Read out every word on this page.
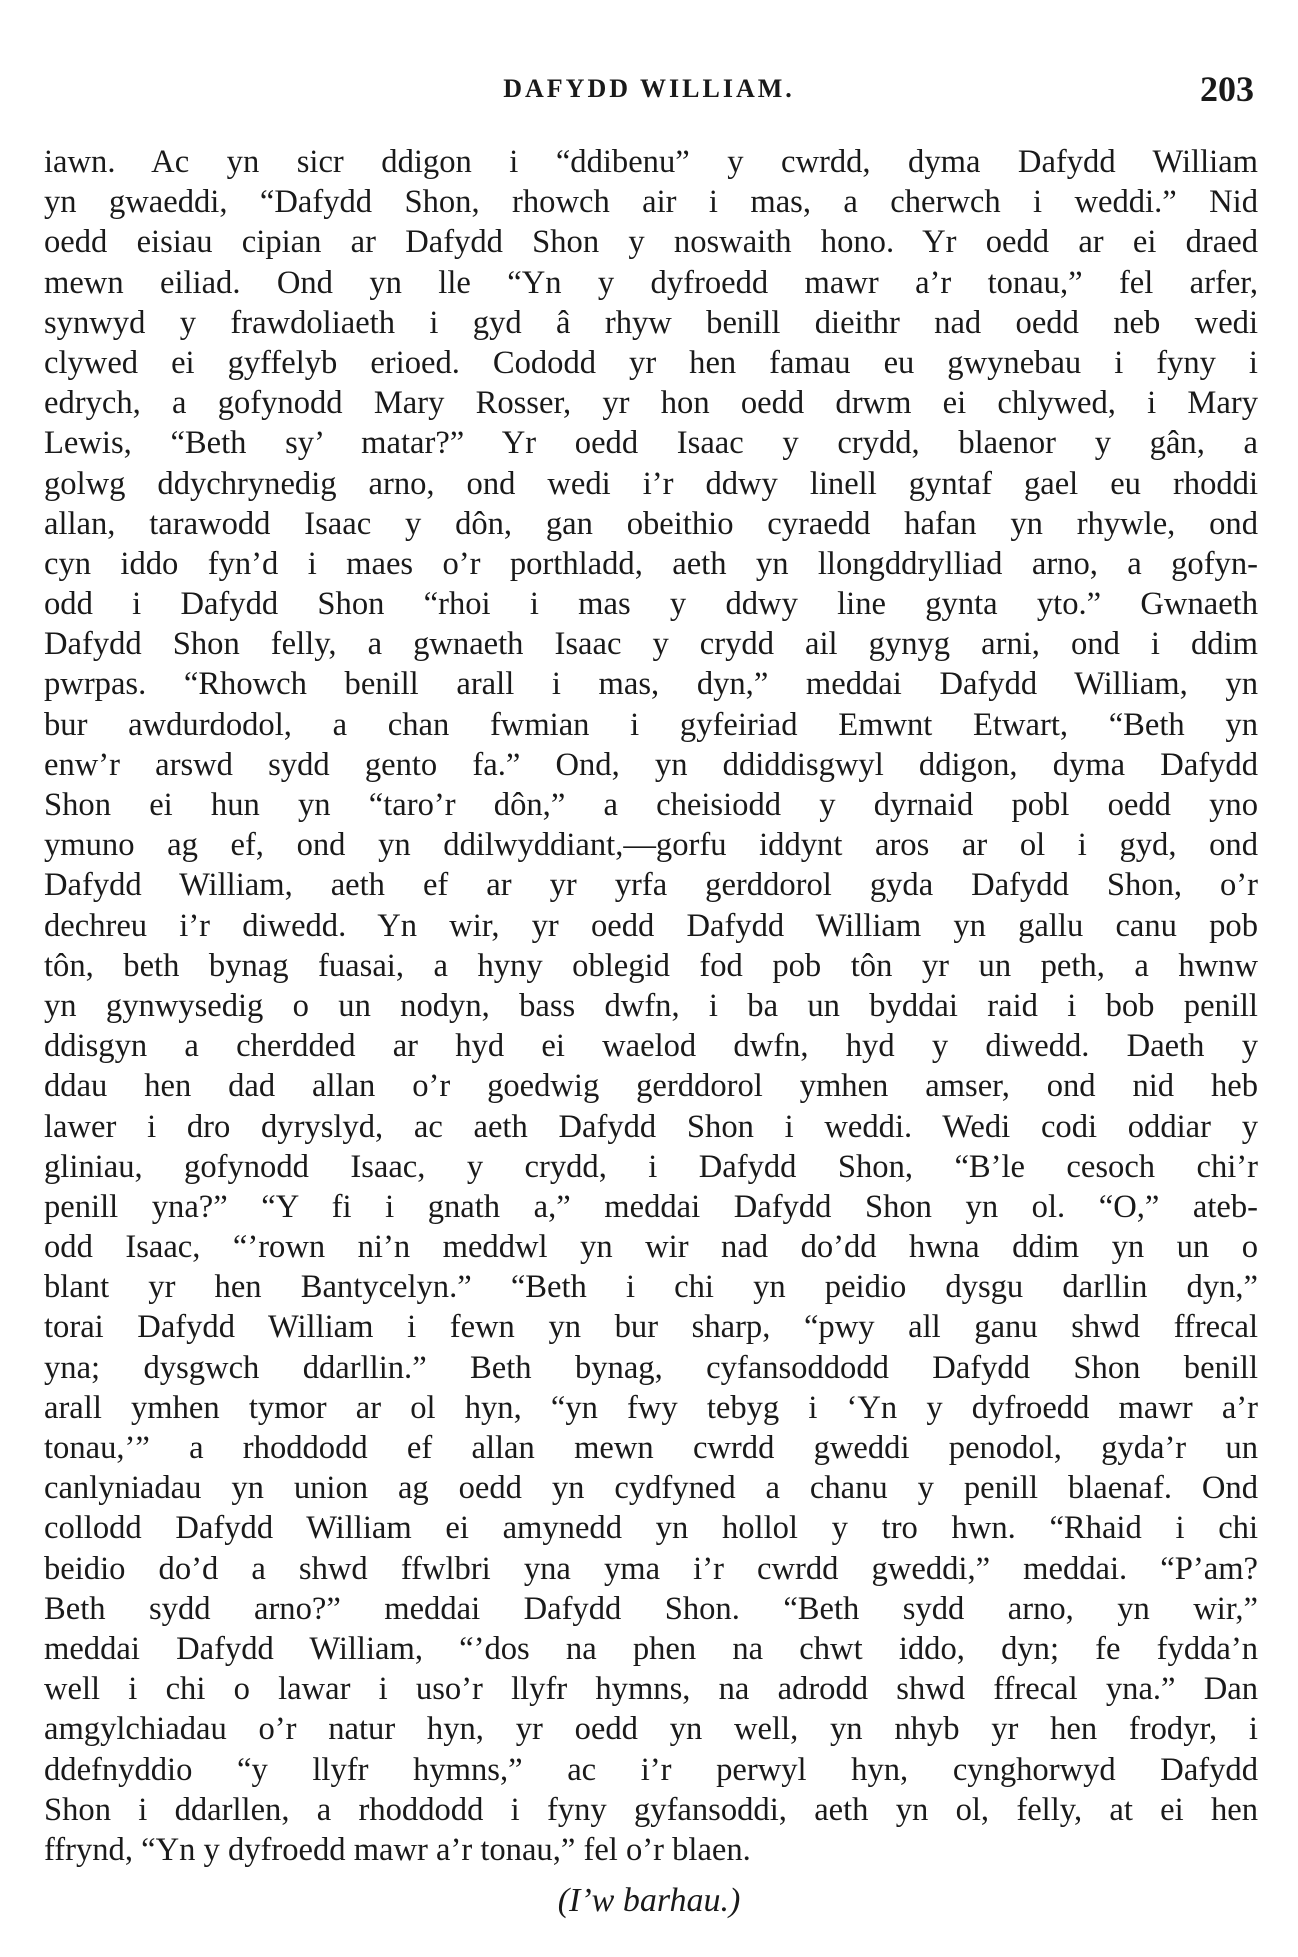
DAFYDD WILLIAM.	203
iawn. Ac yn sicr ddigon i “ddibenu” y cwrdd, dyma Dafydd William
yn gwaeddi, “Dafydd Shon, rhowch air i mas, a cherwch i weddi.” Nid
oedd eisiau cipian ar Dafydd Shon y noswaith hono. Yr oedd ar ei draed
mewn eiliad. Ond yn lle “Yn y dyfroedd mawr a’r tonau,” fel arfer,
synwyd y frawdoliaeth i gyd â rhyw benill dieithr nad oedd neb wedi
clywed ei gyffelyb erioed. Cododd yr hen famau eu gwynebau i fyny i
edrych, a gofynodd Mary Rosser, yr hon oedd drwm ei chlywed, i Mary
Lewis, “Beth sy’ matar?” Yr oedd Isaac y crydd, blaenor y gân, a
golwg ddychrynedig arno, ond wedi i’r ddwy linell gyntaf gael eu rhoddi
allan, tarawodd Isaac y dôn, gan obeithio cyraedd hafan yn rhywle, ond
cyn iddo fyn’d i maes o’r porthladd, aeth yn llongddrylliad arno, a gofyn-
odd i Dafydd Shon “rhoi i mas y ddwy line gynta yto.” Gwnaeth
Dafydd Shon felly, a gwnaeth Isaac y crydd ail gynyg arni, ond i ddim
pwrpas. “Rhowch benill arall i mas, dyn,” meddai Dafydd William, yn
bur awdurdodol, a chan fwmian i gyfeiriad Emwnt Etwart, “Beth yn
enw’r arswd sydd gento fa.” Ond, yn ddiddisgwyl ddigon, dyma Dafydd
Shon ei hun yn “taro’r dôn,” a cheisiodd y dyrnaid pobl oedd yno
ymuno ag ef, ond yn ddilwyddiant,—gorfu iddynt aros ar ol i gyd, ond
Dafydd William, aeth ef ar yr yrfa gerddorol gyda Dafydd Shon, o’r
dechreu i’r diwedd. Yn wir, yr oedd Dafydd William yn gallu canu pob
tôn, beth bynag fuasai, a hyny oblegid fod pob tôn yr un peth, a hwnw
yn gynwysedig o un nodyn, bass dwfn, i ba un byddai raid i bob penill
ddisgyn a cherdded ar hyd ei waelod dwfn, hyd y diwedd. Daeth y
ddau hen dad allan o’r goedwig gerddorol ymhen amser, ond nid heb
lawer i dro dyryslyd, ac aeth Dafydd Shon i weddi. Wedi codi oddiar y
gliniau, gofynodd Isaac, y crydd, i Dafydd Shon, “B’le cesoch chi’r
penill yna?” “Y fi i gnath a,” meddai Dafydd Shon yn ol. “O,” ateb-
odd Isaac, “’rown ni’n meddwl yn wir nad do’dd hwna ddim yn un o
blant yr hen Bantycelyn.” “Beth i chi yn peidio dysgu darllin dyn,”
torai Dafydd William i fewn yn bur sharp, “pwy all ganu shwd ffrecal
yna; dysgwch ddarllin.” Beth bynag, cyfansoddodd Dafydd Shon benill
arall ymhen tymor ar ol hyn, “yn fwy tebyg i ‘Yn y dyfroedd mawr a’r
tonau,’” a rhoddodd ef allan mewn cwrdd gweddi penodol, gyda’r un
canlyniadau yn union ag oedd yn cydfyned a chanu y penill blaenaf. Ond
collodd Dafydd William ei amynedd yn hollol y tro hwn. “Rhaid i chi
beidio do’d a shwd ffwlbri yna yma i’r cwrdd gweddi,” meddai. “P’am?
Beth sydd arno?” meddai Dafydd Shon. “Beth sydd arno, yn wir,”
meddai Dafydd William, “’dos na phen na chwt iddo, dyn; fe fydda’n
well i chi o lawar i uso’r llyfr hymns, na adrodd shwd ffrecal yna.” Dan
amgylchiadau o’r natur hyn, yr oedd yn well, yn nhyb yr hen frodyr, i
ddefnyddio “y llyfr hymns,” ac i’r perwyl hyn, cynghorwyd Dafydd
Shon i ddarllen, a rhoddodd i fyny gyfansoddi, aeth yn ol, felly, at ei hen
ffrynd, “Yn y dyfroedd mawr a’r tonau,” fel o’r blaen.
(I’w barhau.)
